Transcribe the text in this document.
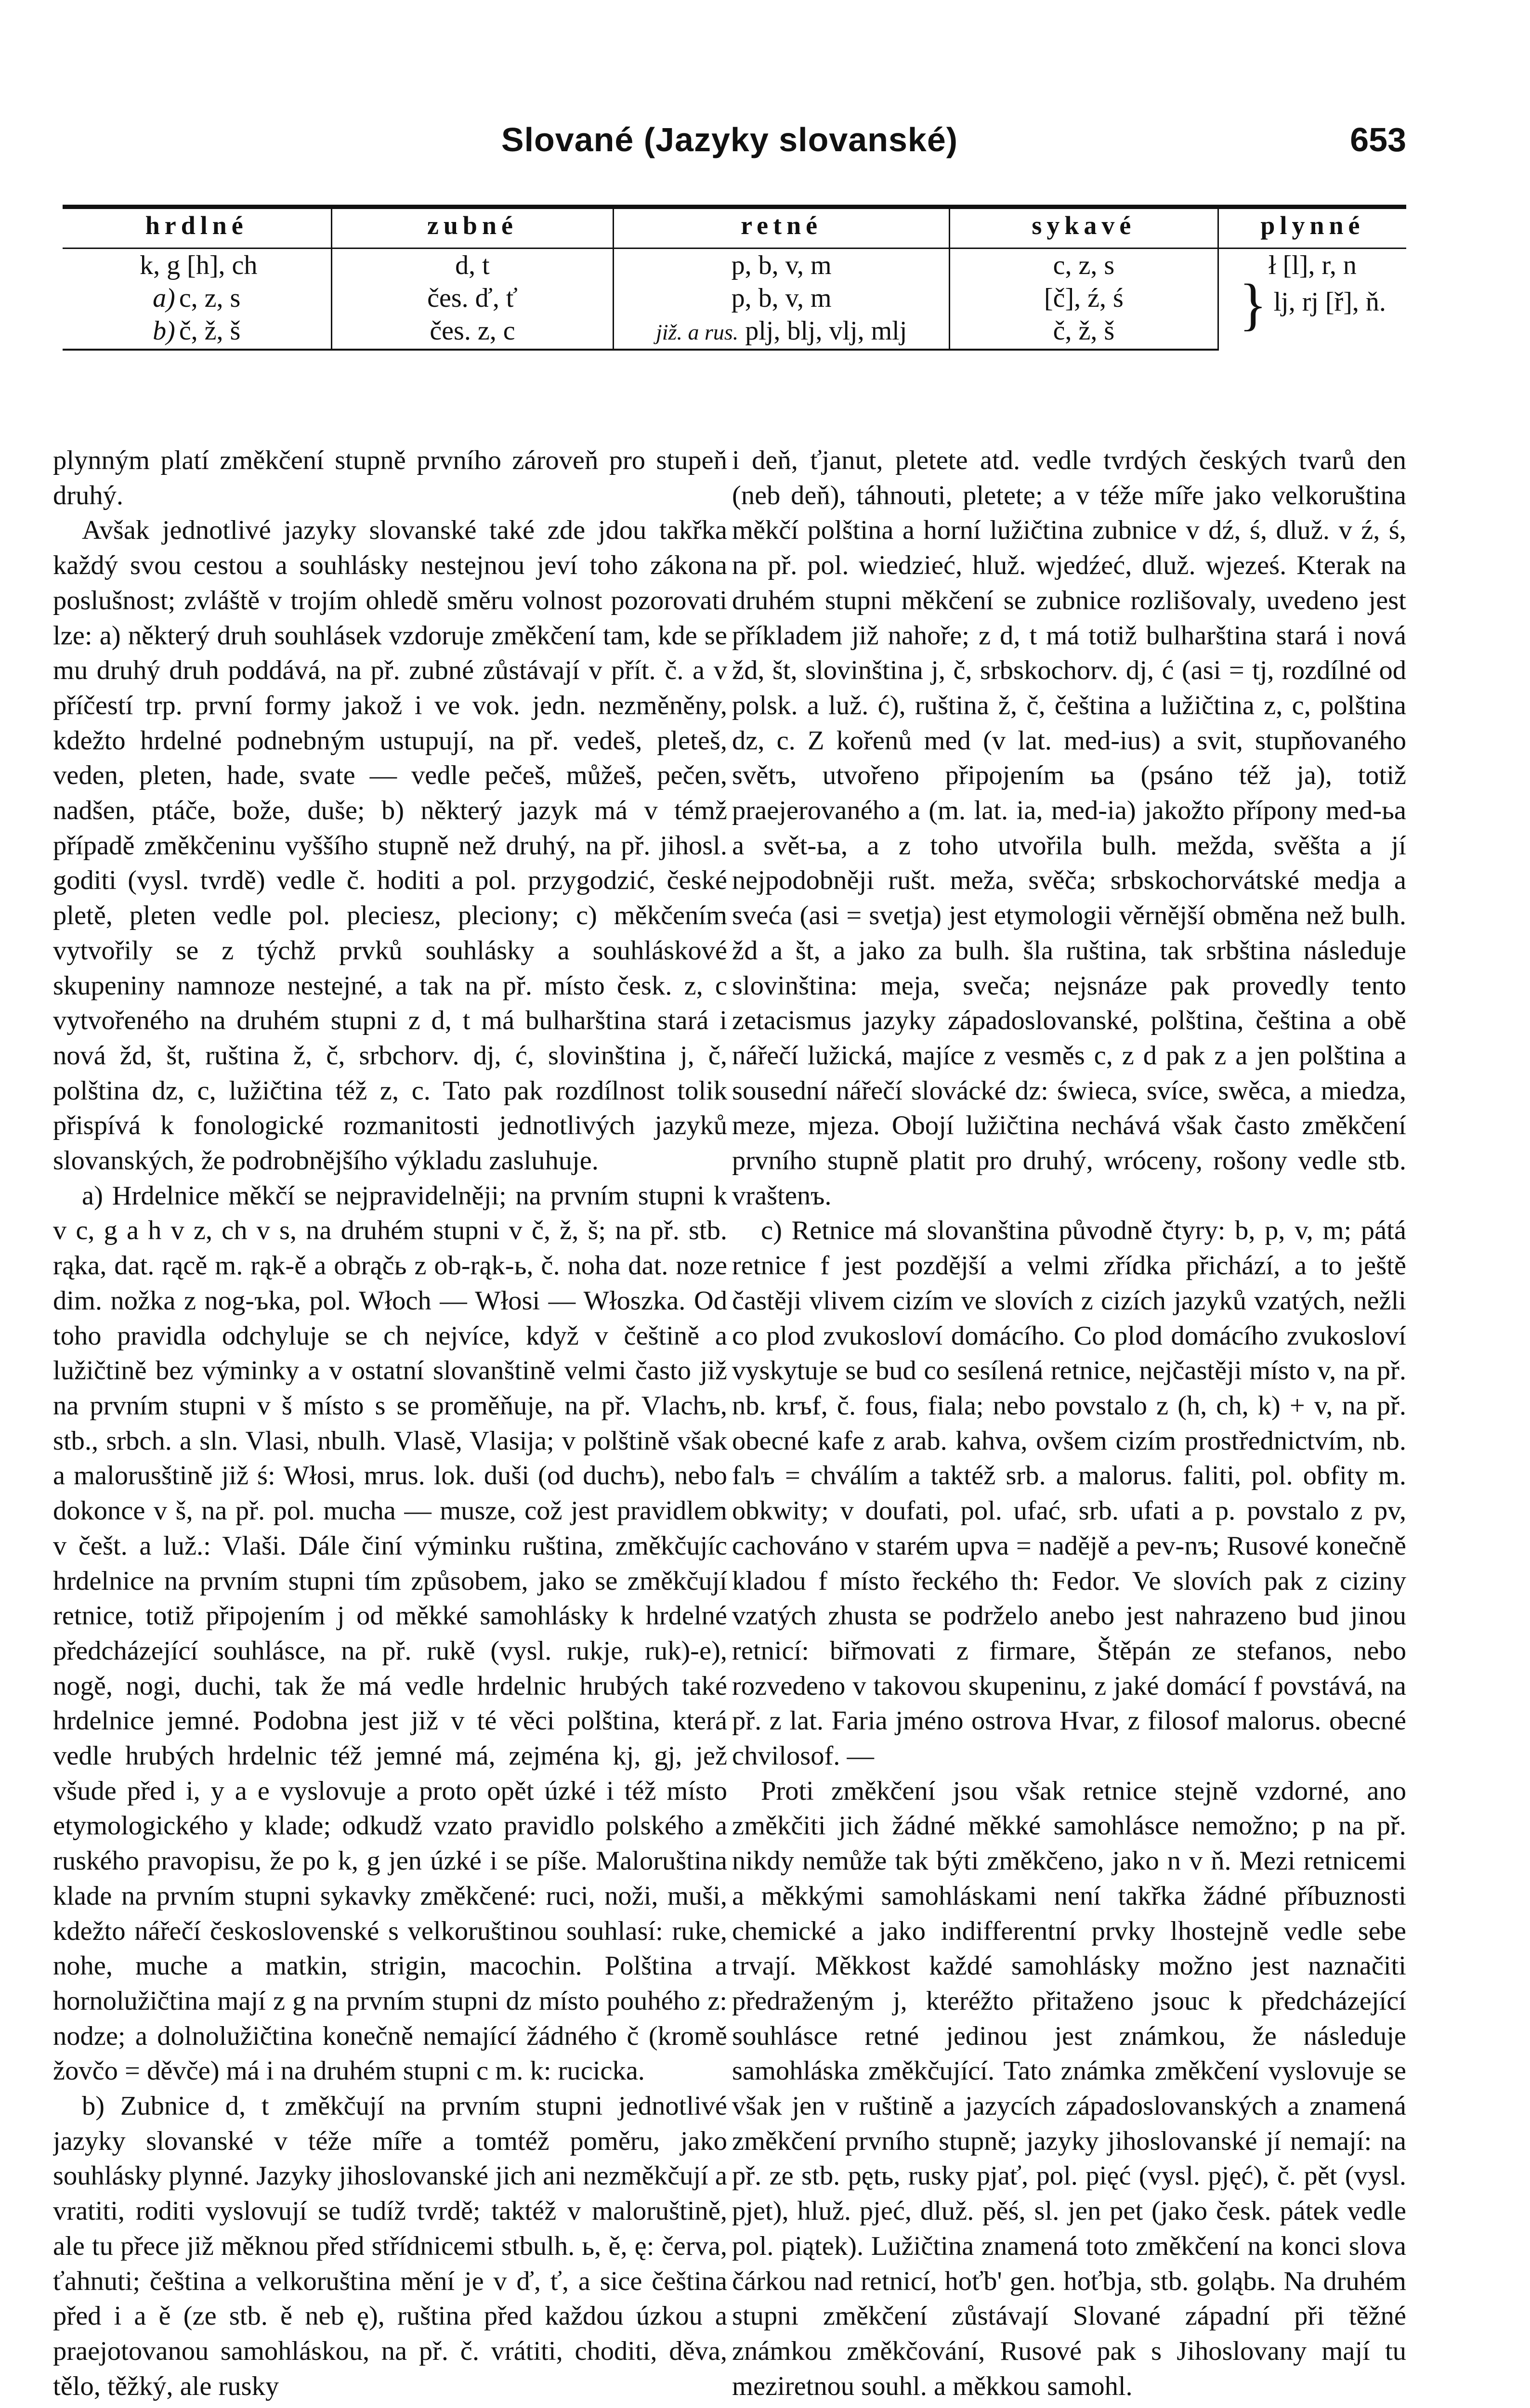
Slované (Jazyky slovanské)	653
hrdlné	zubné	retné	sykavé	plynné
k, g [h], ch	d, t	p, b, v, m	c, z, s	ł [l], r, n
a) c, z, s	čes. ď, ť	p, b, v, m	[č], ź, ś	} lj, rj [ř], ň.
b) č, ž, š	čes. z, c	již. a rus. plj, blj, vlj, mlj	č, ž, š	

plynným platí změkčení stupně prvního zároveň pro stupeň druhý.

Avšak jednotlivé jazyky slovanské také zde jdou takřka každý svou cestou a souhlásky nestejnou jeví toho zákona poslušnost; zvláště v trojím ohledě směru volnost pozorovati lze: a) některý druh souhlásek vzdoruje změkčení tam, kde se mu druhý druh poddává, na př. zubné zůstávají v přít. č. a v příčestí trp. první formy jakož i ve vok. jedn. nezměněny, kdežto hrdelné podnebným ustupují, na př. vedeš, pleteš, veden, pleten, hade, svate — vedle pečeš, můžeš, pečen, nadšen, ptáče, bože, duše; b) některý jazyk má v témž případě změkčeninu vyššího stupně než druhý, na př. jihosl. goditi (vysl. tvrdě) vedle č. hoditi a pol. przygodzić, české pletě, pleten vedle pol. pleciesz, pleciony; c) měkčením vytvořily se z týchž prvků souhlásky a souhláskové skupeniny namnoze nestejné, a tak na př. místo česk. z, c vytvořeného na druhém stupni z d, t má bulharština stará i nová žd, št, ruština ž, č, srbchorv. dj, ć, slovinština j, č, polština dz, c, lužičtina též z, c. Tato pak rozdílnost tolik přispívá k fonologické rozmanitosti jednotlivých jazyků slovanských, že podrobnějšího výkladu zasluhuje.

a) Hrdelnice měkčí se nejpravidelněji; na prvním stupni k v c, g a h v z, ch v s, na druhém stupni v č, ž, š; na př. stb. rąka, dat. rącě m. rąk-ě a obrąčь z ob-rąk-ь, č. noha dat. noze dim. nožka z nog-ъka, pol. Włoch — Włosi — Włoszka. Od toho pravidla odchyluje se ch nejvíce, když v češtině a lužičtině bez výminky a v ostatní slovanštině velmi často již na prvním stupni v š místo s se proměňuje, na př. Vlachъ, stb., srbch. a sln. Vlasi, nbulh. Vlasě, Vlasija; v polštině však a malorusštině již ś: Włosi, mrus. lok. duši (od duchъ), nebo dokonce v š, na př. pol. mucha — musze, což jest pravidlem v češt. a luž.: Vlaši. Dále činí výminku ruština, změkčujíc hrdelnice na prvním stupni tím způsobem, jako se změkčují retnice, totiž připojením j od měkké samohlásky k hrdelné předcházející souhlásce, na př. rukě (vysl. rukje, ruk)-e), nogě, nogi, duchi, tak že má vedle hrdelnic hrubých také hrdelnice jemné. Podobna jest již v té věci polština, která vedle hrubých hrdelnic též jemné má, zejména kj, gj, jež všude před i, y a e vyslovuje a proto opět úzké i též místo etymologického y klade; odkudž vzato pravidlo polského a ruského pravopisu, že po k, g jen úzké i se píše. Maloruština klade na prvním stupni sykavky změkčené: ruci, noži, muši, kdežto nářečí československé s velkoruštinou souhlasí: ruke, nohe, muche a matkin, strigin, macochin. Polština a hornolužičtina mají z g na prvním stupni dz místo pouhého z: nodze; a dolnolužičtina konečně nemající žádného č (kromě žovčo = děvče) má i na druhém stupni c m. k: rucicka.

b) Zubnice d, t změkčují na prvním stupni jednotlivé jazyky slovanské v téže míře a tomtéž poměru, jako souhlásky plynné. Jazyky jihoslovanské jich ani nezměkčují a vratiti, roditi vyslovují se tudíž tvrdě; taktéž v maloruštině, ale tu přece již měknou před střídnicemi stbulh. ь, ě, ę: červa, ťahnuti; čeština a velkoruština mění je v ď, ť, a sice čeština před i a ě (ze stb. ě neb ę), ruština před každou úzkou a praejotovanou samohláskou, na př. č. vrátiti, choditi, děva, tělo, těžký, ale rusky

i deň, ťjanut, pletete atd. vedle tvrdých českých tvarů den (neb deň), táhnouti, pletete; a v téže míře jako velkoruština měkčí polština a horní lužičtina zubnice v dź, ś, dluž. v ź, ś, na př. pol. wiedzieć, hluž. wjedźeć, dluž. wjeześ. Kterak na druhém stupni měkčení se zubnice rozlišovaly, uvedeno jest příkladem již nahoře; z d, t má totiž bulharština stará i nová žd, št, slovinština j, č, srbskochorv. dj, ć (asi = tj, rozdílné od polsk. a luž. ć), ruština ž, č, čeština a lužičtina z, c, polština dz, c. Z kořenů med (v lat. med-ius) a svit, stupňovaného světъ, utvořeno připojením ьa (psáno též ja), totiž praejerovaného a (m. lat. ia, med-ia) jakožto přípony med-ьa a svět-ьa, a z toho utvořila bulh. mežda, svěšta a jí nejpodobněji rušt. meža, svěča; srbskochorvátské medja a sveća (asi = svetja) jest etymologii věrnější obměna než bulh. žd a št, a jako za bulh. šla ruština, tak srbština následuje slovinština: meja, sveča; nejsnáze pak provedly tento zetacismus jazyky západoslovanské, polština, čeština a obě nářečí lužická, majíce z vesměs c, z d pak z a jen polština a sousední nářečí slovácké dz: świeca, svíce, swěca, a miedza, meze, mjeza. Obojí lužičtina nechává však často změkčení prvního stupně platit pro druhý, wróceny, rošony vedle stb. vraštenъ.

c) Retnice má slovanština původně čtyry: b, p, v, m; pátá retnice f jest pozdější a velmi zřídka přichází, a to ještě častěji vlivem cizím ve slovích z cizích jazyků vzatých, nežli co plod zvukosloví domácího. Co plod domácího zvukosloví vyskytuje se bud co sesílená retnice, nejčastěji místo v, na př. nb. krъf, č. fous, fiala; nebo povstalo z (h, ch, k) + v, na př. obecné kafe z arab. kahva, ovšem cizím prostřednictvím, nb. falъ = chválím a taktéž srb. a malorus. faliti, pol. obfity m. obkwity; v doufati, pol. ufać, srb. ufati a p. povstalo z pv, cachováno v starém upva = nadějě a pev-nъ; Rusové konečně kladou f místo řeckého th: Fedor. Ve slovích pak z ciziny vzatých zhusta se podrželo anebo jest nahrazeno bud jinou retnicí: biřmovati z firmare, Štěpán ze stefanos, nebo rozvedeno v takovou skupeninu, z jaké domácí f povstává, na př. z lat. Faria jméno ostrova Hvar, z filosof malorus. obecné chvilosof. —

Proti změkčení jsou však retnice stejně vzdorné, ano změkčiti jich žádné měkké samohlásce nemožno; p na př. nikdy nemůže tak býti změkčeno, jako n v ň. Mezi retnicemi a měkkými samohláskami není takřka žádné příbuznosti chemické a jako indifferentní prvky lhostejně vedle sebe trvají. Měkkost každé samohlásky možno jest naznačiti předraženým j, kteréžto přitaženo jsouc k předcházející souhlásce retné jedinou jest známkou, že následuje samohláska změkčující. Tato známka změkčení vyslovuje se však jen v ruštině a jazycích západoslovanských a znamená změkčení prvního stupně; jazyky jihoslovanské jí nemají: na př. ze stb. pętь, rusky pjať, pol. pięć (vysl. pjęć), č. pět (vysl. pjet), hluž. pjeć, dluž. pěś, sl. jen pet (jako česk. pátek vedle pol. piątek). Lužičtina znamená toto změkčení na konci slova čárkou nad retnicí, hoťb' gen. hoťbja, stb. goląbь. Na druhém stupni změkčení zůstávají Slované západní při těžné známkou změkčování, Rusové pak s Jihoslovany mají tu meziretnou souhl. a měkkou samohl.
